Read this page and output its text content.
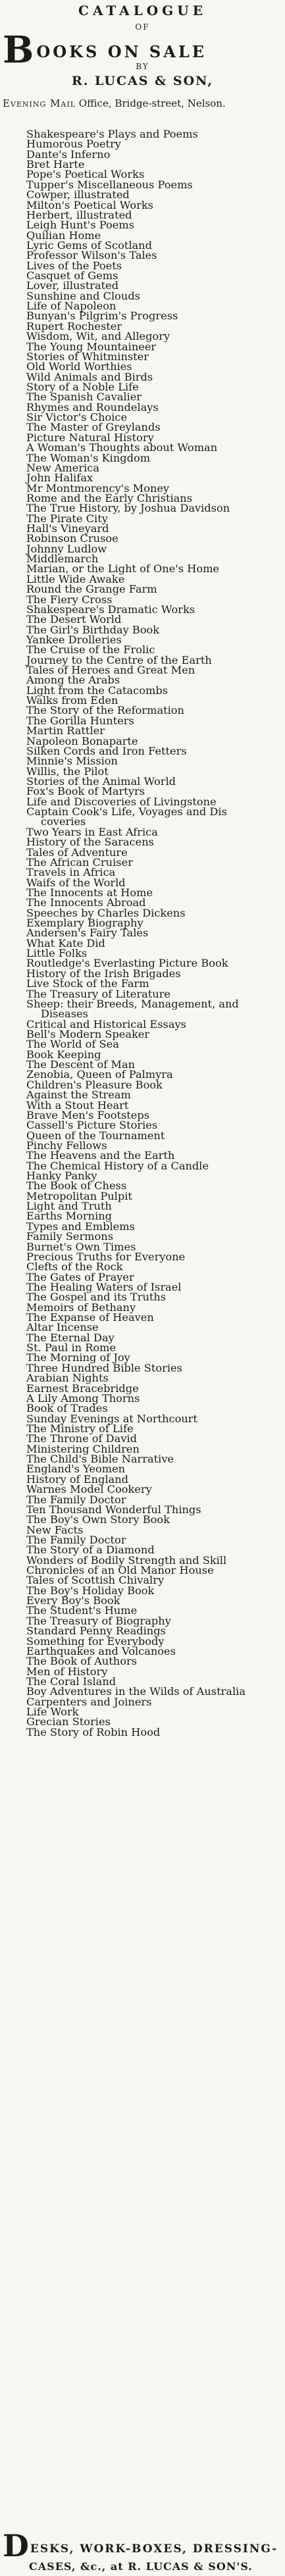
CATALOGUE
OF
BOOKS ON SALE
BY
R. LUCAS & SON,
Evening Mail Office, Bridge-street, Nelson.
Shakespeare's Plays and Poems
Humorous Poetry
Dante's Inferno
Bret Harte
Pope's Poetical Works
Tupper's Miscellaneous Poems
Cowper, illustrated
Milton's Poetical Works
Herbert, illustrated
Leigh Hunt's Poems
Quilian Home
Lyric Gems of Scotland
Professor Wilson's Tales
Lives of the Poets
Casquet of Gems
Lover, illustrated
Sunshine and Clouds
Life of Napoleon
Bunyan's Pilgrim's Progress
Rupert Rochester
Wisdom, Wit, and Allegory
The Young Mountaineer
Stories of Whitminster
Old World Worthies
Wild Animals and Birds
Story of a Noble Life
The Spanish Cavalier
Rhymes and Roundelays
Sir Victor's Choice
The Master of Greylands
Picture Natural History
A Woman's Thoughts about Woman
The Woman's Kingdom
New America
John Halifax
Mr Montmorency's Money
Rome and the Early Christians
The True History, by Joshua Davidson
The Pirate City
Hall's Vineyard
Robinson Crusoe
Johnny Ludlow
Middlemarch
Marian, or the Light of One's Home
Little Wide Awake
Round the Grange Farm
The Fiery Cross
Shakespeare's Dramatic Works
The Desert World
The Girl's Birthday Book
Yankee Drolleries
The Cruise of the Frolic
Journey to the Centre of the Earth
Tales of Heroes and Great Men
Among the Arabs
Light from the Catacombs
Walks from Eden
The Story of the Reformation
The Gorilla Hunters
Martin Rattler
Napoleon Bonaparte
Silken Cords and Iron Fetters
Minnie's Mission
Willis, the Pilot
Stories of the Animal World
Fox's Book of Martyrs
Life and Discoveries of Livingstone
Captain Cook's Life, Voyages and Dis
coveries
Two Years in East Africa
History of the Saracens
Tales of Adventure
The African Cruiser
Travels in Africa
Waifs of the World
The Innocents at Home
The Innocents Abroad
Speeches by Charles Dickens
Exemplary Biography
Andersen's Fairy Tales
What Kate Did
Little Folks
Routledge's Everlasting Picture Book
History of the Irish Brigades
Live Stock of the Farm
The Treasury of Literature
Sheep: their Breeds, Management, and
Diseases
Critical and Historical Essays
Bell's Modern Speaker
The World of Sea
Book Keeping
The Descent of Man
Zenobia, Queen of Palmyra
Children's Pleasure Book
Against the Stream
With a Stout Heart
Brave Men's Footsteps
Cassell's Picture Stories
Queen of the Tournament
Pinchy Fellows
The Heavens and the Earth
The Chemical History of a Candle
Hanky Panky
The Book of Chess
Metropolitan Pulpit
Light and Truth
Earths Morning
Types and Emblems
Family Sermons
Burnet's Own Times
Precious Truths for Everyone
Clefts of the Rock
The Gates of Prayer
The Healing Waters of Israel
The Gospel and its Truths
Memoirs of Bethany
The Expanse of Heaven
Altar Incense
The Eternal Day
St. Paul in Rome
The Morning of Joy
Three Hundred Bible Stories
Arabian Nights
Earnest Bracebridge
A Lily Among Thorns
Book of Trades
Sunday Evenings at Northcourt
The Ministry of Life
The Throne of David
Ministering Children
The Child's Bible Narrative
England's Yeomen
History of England
Warnes Model Cookery
The Family Doctor
Ten Thousand Wonderful Things
The Boy's Own Story Book
New Facts
The Family Doctor
The Story of a Diamond
Wonders of Bodily Strength and Skill
Chronicles of an Old Manor House
Tales of Scottish Chivalry
The Boy's Holiday Book
Every Boy's Book
The Student's Hume
The Treasury of Biography
Standard Penny Readings
Something for Everybody
Earthquakes and Volcanoes
The Book of Authors
Men of History
The Coral Island
Boy Adventures in the Wilds of Australia
Carpenters and Joiners
Life Work
Grecian Stories
The Story of Robin Hood
DESKS, WORK-BOXES, DRESSING-
CASES, &c., at R. LUCAS & SON'S.
